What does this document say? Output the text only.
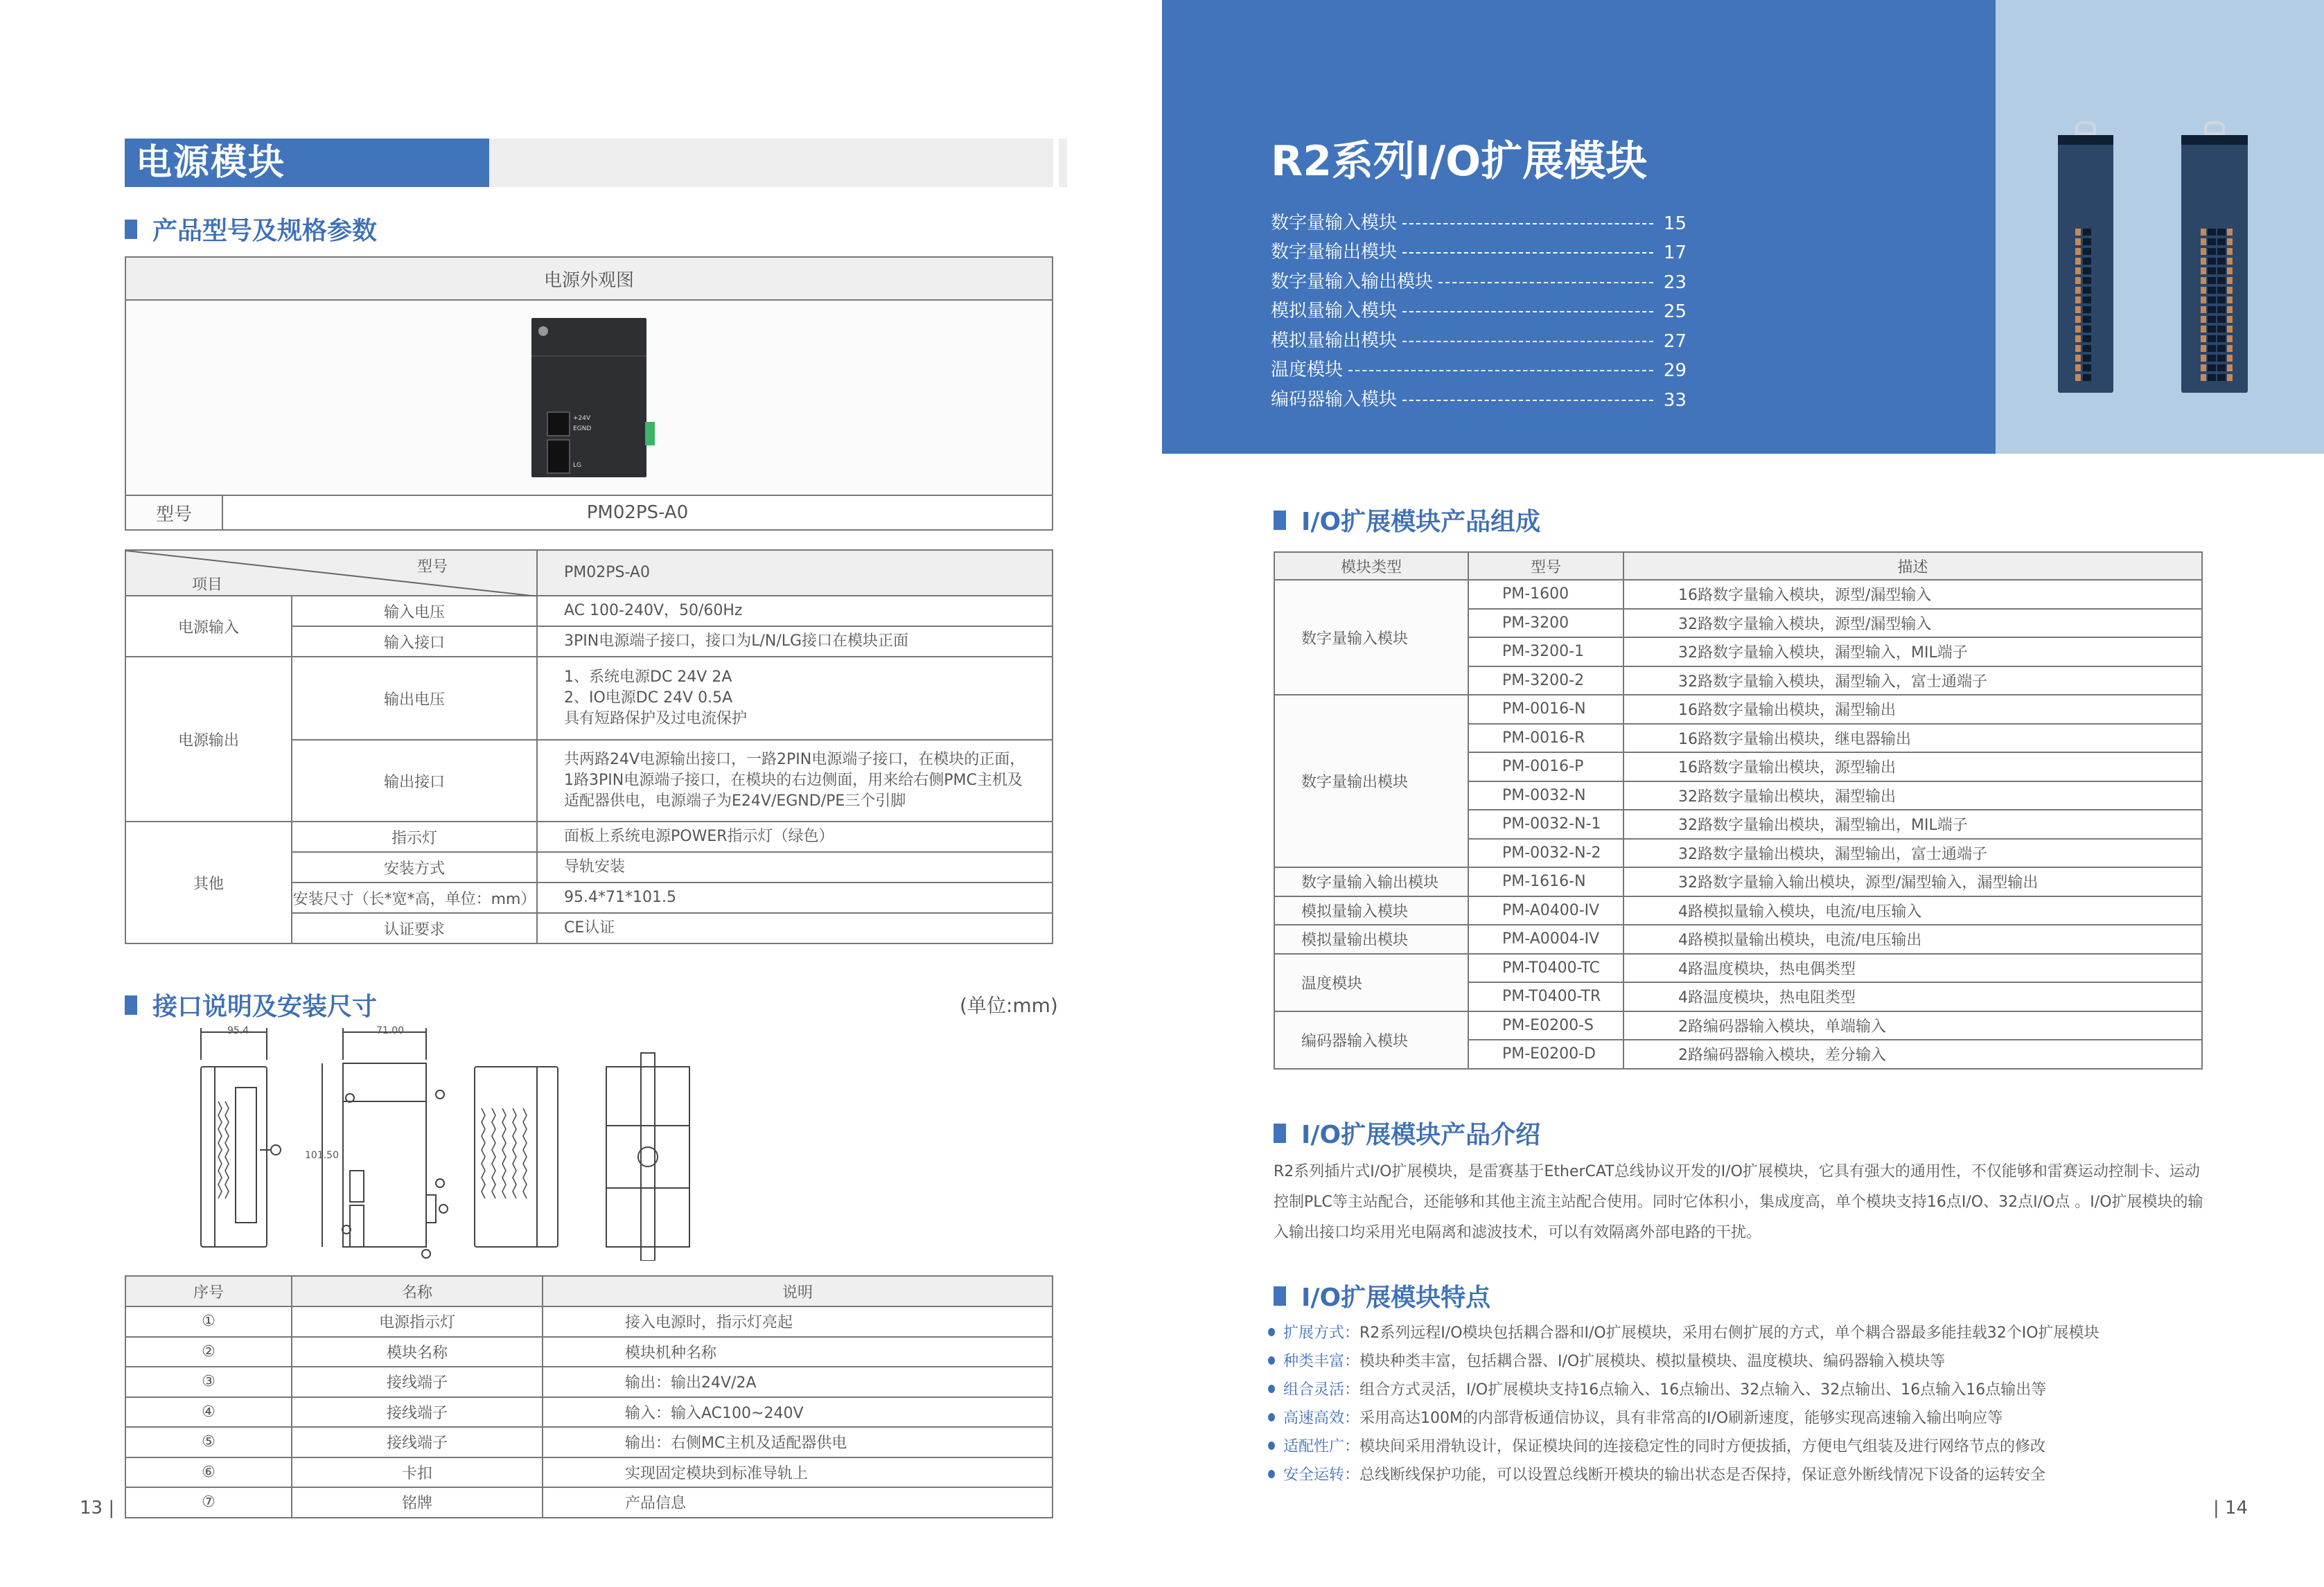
电源模块
产品型号及规格参数
电源外观图

+24V
EGND
LG

型号	PM02PS-A0
型号
项目		PM02PS-A0
电源输入	输入电压	AC 100-240V，50/60Hz
	输入接口	3PIN电源端子接口，接口为L/N/LG接口在模块正面
电源输出	输出电压	1、系统电源DC 24V 2A
2、IO电源DC 24V 0.5A
具有短路保护及过电流保护

	输出接口	共两路24V电源输出接口，一路2PIN电源端子接口，在模块的正面，
1路3PIN电源端子接口，在模块的右边侧面，用来给右侧PMC主机及
适配器供电，电源端子为E24V/EGND/PE三个引脚

其他	指示灯	面板上系统电源POWER指示灯（绿色）
	安装方式	导轨安装
	安装尺寸（长*宽*高，单位：mm）	95.4*71*101.5
	认证要求	CE认证
接口说明及安装尺寸	(单位:mm)
95.4	71.00
101.50
序号	名称	说明
①	电源指示灯	接入电源时，指示灯亮起
②	模块名称	模块机种名称
③	接线端子	输出：输出24V/2A
④	接线端子	输入：输入AC100~240V
⑤	接线端子	输出：右侧MC主机及适配器供电
⑥	卡扣	实现固定模块到标准导轨上
⑦	铭牌	产品信息
13 |
R2系列I/O扩展模块
数字量输入模块	15
数字量输出模块	17
数字量输入输出模块	23
模拟量输入模块	25
模拟量输出模块	27
温度模块	29
编码器输入模块	33
I/O扩展模块产品组成
模块类型	型号	描述
数字量输入模块	PM-1600	16路数字量输入模块，源型/漏型输入
	PM-3200	32路数字量输入模块，源型/漏型输入
	PM-3200-1	32路数字量输入模块，漏型输入，MIL端子
	PM-3200-2	32路数字量输入模块，漏型输入，富士通端子
数字量输出模块	PM-0016-N	16路数字量输出模块，漏型输出
	PM-0016-R	16路数字量输出模块，继电器输出
	PM-0016-P	16路数字量输出模块，源型输出
	PM-0032-N	32路数字量输出模块，漏型输出
	PM-0032-N-1	32路数字量输出模块，漏型输出，MIL端子
	PM-0032-N-2	32路数字量输出模块，漏型输出，富士通端子
数字量输入输出模块	PM-1616-N	32路数字量输入输出模块，源型/漏型输入，漏型输出
模拟量输入模块	PM-A0400-IV	4路模拟量输入模块，电流/电压输入
模拟量输出模块	PM-A0004-IV	4路模拟量输出模块，电流/电压输出
温度模块	PM-T0400-TC	4路温度模块，热电偶类型
	PM-T0400-TR	4路温度模块，热电阻类型
编码器输入模块	PM-E0200-S	2路编码器输入模块，单端输入
	PM-E0200-D	2路编码器输入模块，差分输入
I/O扩展模块产品介绍
R2系列插片式I/O扩展模块，是雷赛基于EtherCAT总线协议开发的I/O扩展模块，它具有强大的通用性，不仅能够和雷赛运动控制卡、运动控制PLC等主站配合，还能够和其他主流主站配合使用。同时它体积小，集成度高，单个模块支持16点I/O、32点I/O点 。I/O扩展模块的输入输出接口均采用光电隔离和滤波技术，可以有效隔离外部电路的干扰。
I/O扩展模块特点
扩展方式： R2系列远程I/O模块包括耦合器和I/O扩展模块，采用右侧扩展的方式，单个耦合器最多能挂载32个IO扩展模块
种类丰富： 模块种类丰富，包括耦合器、I/O扩展模块、模拟量模块、温度模块、编码器输入模块等
组合灵活： 组合方式灵活，I/O扩展模块支持16点输入、16点输出、32点输入、32点输出、16点输入16点输出等
高速高效： 采用高达100M的内部背板通信协议，具有非常高的I/O刷新速度，能够实现高速输入输出响应等
适配性广： 模块间采用滑轨设计，保证模块间的连接稳定性的同时方便拔插，方便电气组装及进行网络节点的修改
安全运转： 总线断线保护功能，可以设置总线断开模块的输出状态是否保持，保证意外断线情况下设备的运转安全
| 14
